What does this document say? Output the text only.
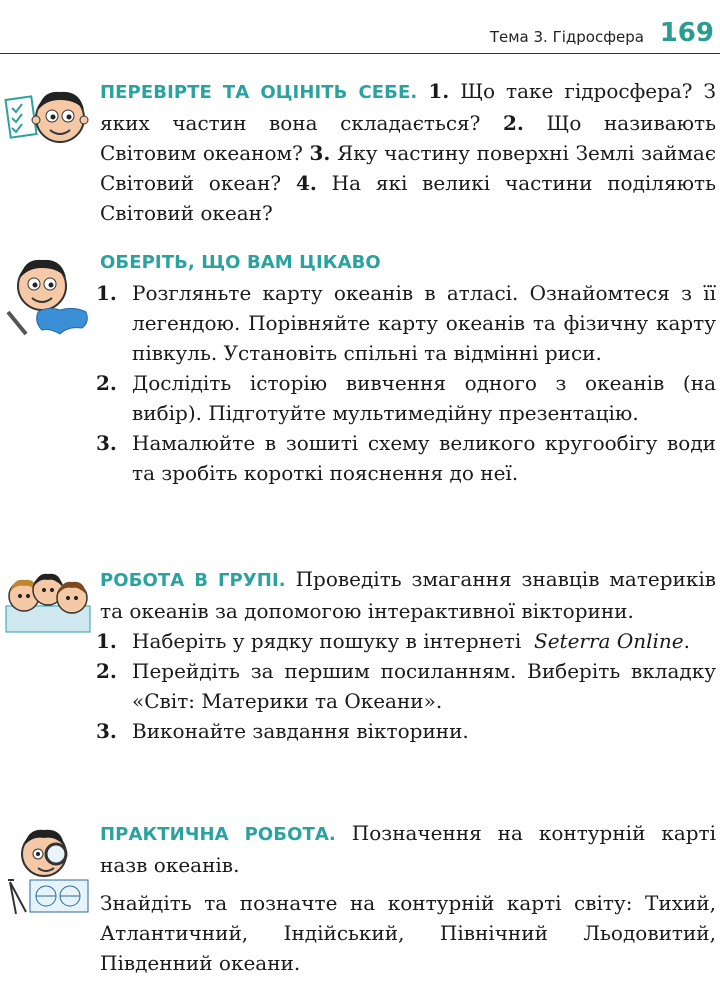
Тема 3. Гідросфера 169
ПЕРЕВІРТЕ ТА ОЦІНІТЬ СЕБЕ. 1. Що таке гідросфера? З яких частин вона складається? 2. Що називають Світовим океаном? 3. Яку частину поверхні Землі займає Світовий океан? 4. На які великі частини поділяють Світовий океан?
ОБЕРІТЬ, ЩО ВАМ ЦІКАВО
1. Розгляньте карту океанів в атласі. Ознайомтеся з її легендою. Порівняйте карту океанів та фізичну карту півкуль. Установіть спільні та відмінні риси.
2. Дослідіть історію вивчення одного з океанів (на вибір). Підготуйте мультимедійну презентацію.
3. Намалюйте в зошиті схему великого кругообігу води та зробіть короткі пояснення до неї.

РОБОТА В ГРУПІ. Проведіть змагання знавців материків та океанів за допомогою інтерактивної вікторини.

1. Наберіть у рядку пошуку в інтернеті Seterra Online.
2. Перейдіть за першим посиланням. Виберіть вкладку «Світ: Материки та Океани».
3. Виконайте завдання вікторини.

ПРАКТИЧНА РОБОТА. Позначення на контурній карті назв океанів.

Знайдіть та позначте на контурній карті світу: Тихий, Атлантичний, Індійський, Північний Льодовитий, Південний океани.
